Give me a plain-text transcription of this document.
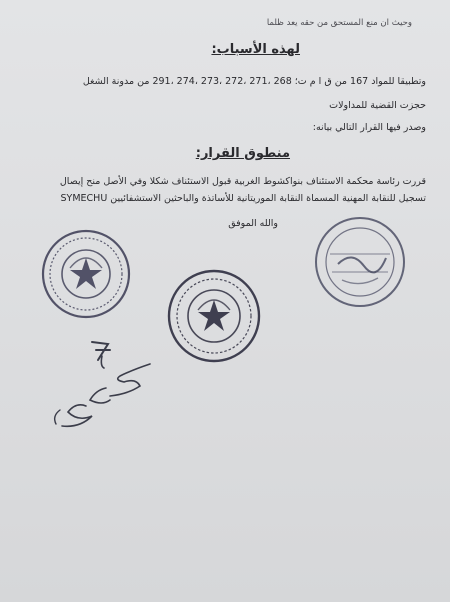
وحيث ان منع المستحق من حقه يعد ظلما
لهذه الأسباب:
وتطبيقا للمواد 167 من ق ا م ت؛ 268 ،271 ،272 ،273 ،274 ،291 من مدونة الشغل
حجزت القضية للمداولات
وصدر فيها القرار التالي بيانه:
منطوق القرار:
قررت رئاسة محكمة الاستئناف بنواكشوط الغربية قبول الاستئناف شكلا وفي الأصل منح إيصال
تسجيل للنقابة المهنية المسماة النقابة الموريتانية للأساتذة والباحثين الاستشفائيين SYMECHU
والله الموفق
